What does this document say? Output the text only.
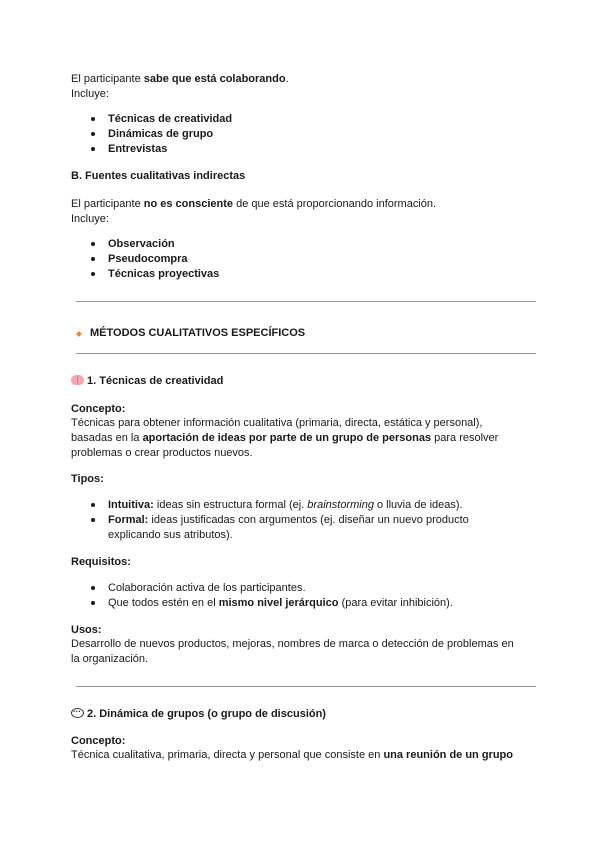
El participante sabe que está colaborando.

Incluye:

Técnicas de creatividad
Dinámicas de grupo
Entrevistas

B. Fuentes cualitativas indirectas

El participante no es consciente de que está proporcionando información.

Incluye:

Observación
Pseudocompra
Técnicas proyectivas
MÉTODOS CUALITATIVOS ESPECÍFICOS
1. Técnicas de creatividad

Concepto:

Técnicas para obtener información cualitativa (primaria, directa, estática y personal),

basadas en la aportación de ideas por parte de un grupo de personas para resolver

problemas o crear productos nuevos.

Tipos:

Intuitiva: ideas sin estructura formal (ej. brainstorming o lluvia de ideas).
Formal: ideas justificadas con argumentos (ej. diseñar un nuevo producto
explicando sus atributos).

Requisitos:

Colaboración activa de los participantes.
Que todos estén en el mismo nivel jerárquico (para evitar inhibición).

Usos:

Desarrollo de nuevos productos, mejoras, nombres de marca o detección de problemas en

la organización.

···2. Dinámica de grupos (o grupo de discusión)

Concepto:

Técnica cualitativa, primaria, directa y personal que consiste en una reunión de un grupo
